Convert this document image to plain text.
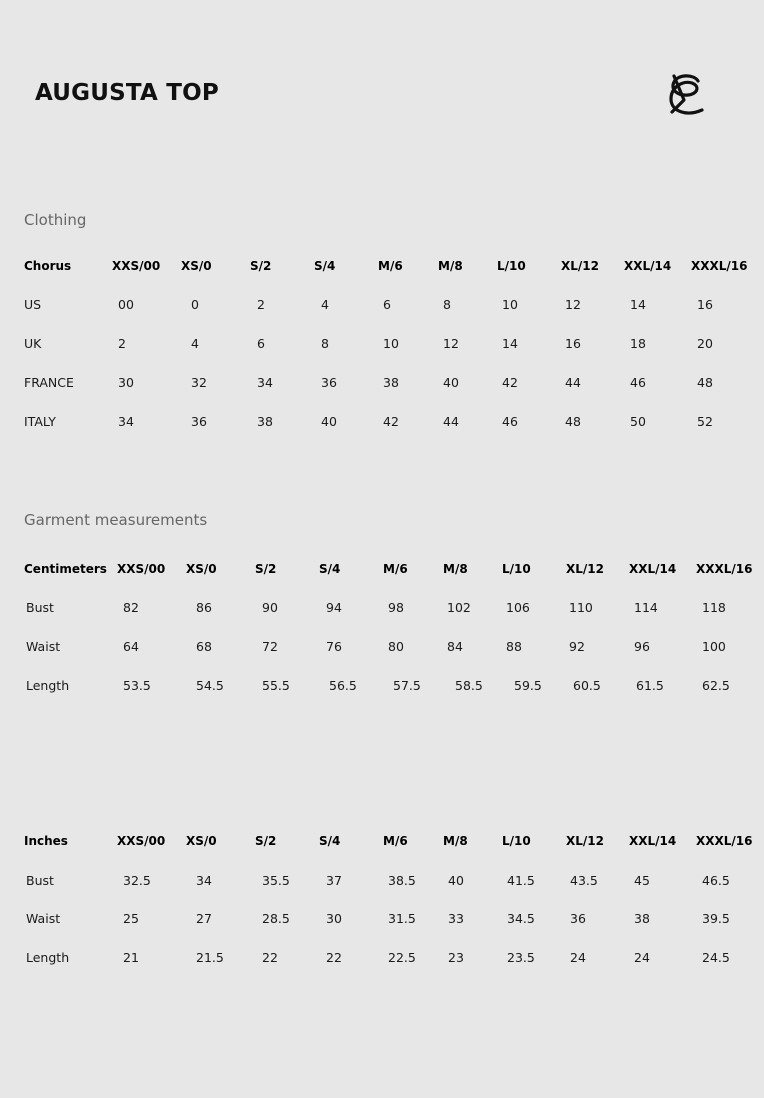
AUGUSTA TOP
Clothing
Chorus	XXS/00 XS/0	S/2	S/4	M/6	M/8	L/10	XL/12 XXL/14 XXXL/16
US	00	0	2	4	6	8	10	12	14	16
UK	2	4	6	8	10	12	14	16	18	20
FRANCE	30	32	34	36	38	40	42	44	46	48
ITALY	34	36	38	40	42	44	46	48	50	52
Garment measurements
Centimeters XXS/00 XS/0	S/2	S/4	M/6	M/8	L/10	XL/12 XXL/14 XXXL/16
Bust	82	86	90	94	98	102	106	110	114	118
Waist	64	68	72	76	80	84	88	92	96	100
Length	53.5	54.5	55.5	56.5	57.5	58.5 59.5 60.5	61.5	62.5
Inches	XXS/00 XS/0	S/2	S/4	M/6	M/8	L/10	XL/12 XXL/14 XXXL/16
Bust	32.5	34	35.5	37	38.5	40	41.5	43.5	45	46.5
Waist	25	27	28.5	30	31.5	33	34.5	36	38	39.5
Length	21	21.5	22	22	22.5	23	23.5	24	24	24.5
